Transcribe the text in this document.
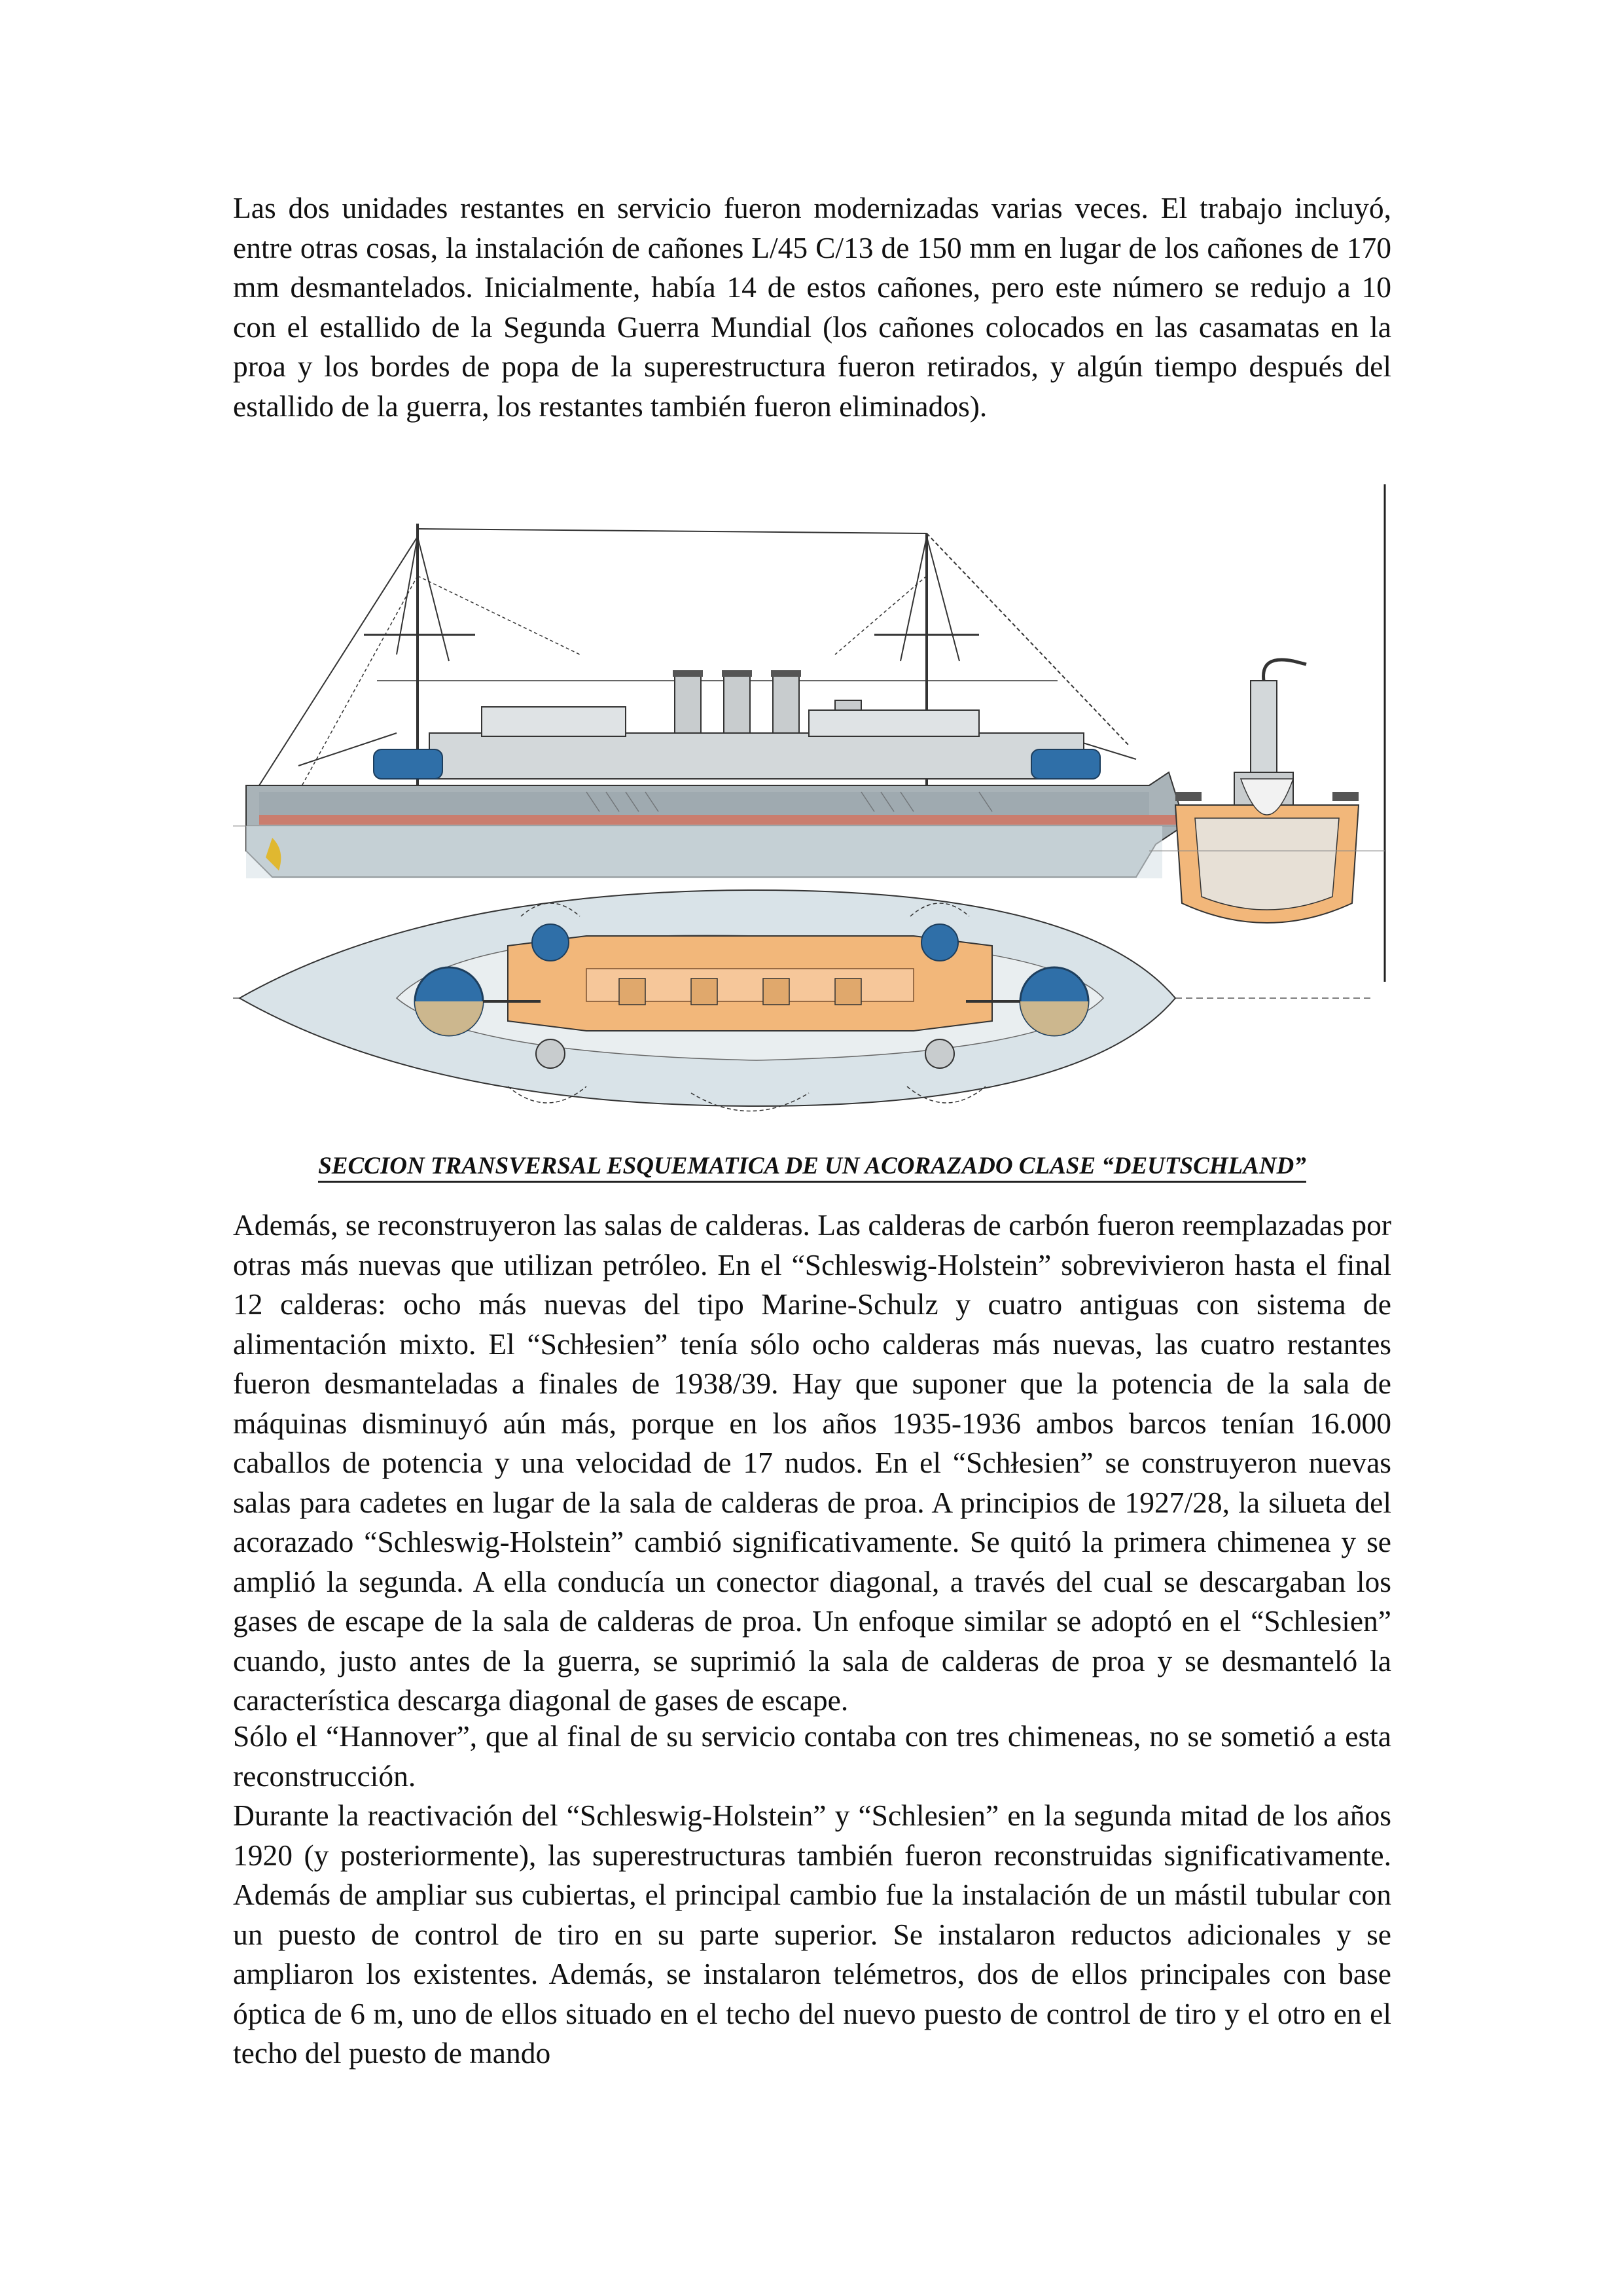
Las dos unidades restantes en servicio fueron modernizadas varias veces. El trabajo incluyó, entre otras cosas, la instalación de cañones L/45 C/13 de 150 mm en lugar de los cañones de 170 mm desmantelados. Inicialmente, había 14 de estos cañones, pero este número se redujo a 10 con el estallido de la Segunda Guerra Mundial (los cañones colocados en las casamatas en la proa y los bordes de popa de la superestructura fueron retirados, y algún tiempo después del estallido de la guerra, los restantes también fueron eliminados).

SECCION TRANSVERSAL ESQUEMATICA DE UN ACORAZADO CLASE “DEUTSCHLAND”

Además, se reconstruyeron las salas de calderas. Las calderas de carbón fueron reemplazadas por otras más nuevas que utilizan petróleo. En el “Schleswig-Holstein” sobrevivieron hasta el final 12 calderas: ocho más nuevas del tipo Marine-Schulz y cuatro antiguas con sistema de alimentación mixto. El “Schłesien” tenía sólo ocho calderas más nuevas, las cuatro restantes fueron desmanteladas a finales de 1938/39. Hay que suponer que la potencia de la sala de máquinas disminuyó aún más, porque en los años 1935-1936 ambos barcos tenían 16.000 caballos de potencia y una velocidad de 17 nudos. En el “Schłesien” se construyeron nuevas salas para cadetes en lugar de la sala de calderas de proa. A principios de 1927/28, la silueta del acorazado “Schleswig-Holstein” cambió significativamente. Se quitó la primera chimenea y se amplió la segunda. A ella conducía un conector diagonal, a través del cual se descargaban los gases de escape de la sala de calderas de proa. Un enfoque similar se adoptó en el “Schlesien” cuando, justo antes de la guerra, se suprimió la sala de calderas de proa y se desmanteló la característica descarga diagonal de gases de escape.

Sólo el “Hannover”, que al final de su servicio contaba con tres chimeneas, no se sometió a esta reconstrucción.

Durante la reactivación del “Schleswig-Holstein” y “Schlesien” en la segunda mitad de los años 1920 (y posteriormente), las superestructuras también fueron reconstruidas significativamente. Además de ampliar sus cubiertas, el principal cambio fue la instalación de un mástil tubular con un puesto de control de tiro en su parte superior. Se instalaron reductos adicionales y se ampliaron los existentes. Además, se instalaron telémetros, dos de ellos principales con base óptica de 6 m, uno de ellos situado en el techo del nuevo puesto de control de tiro y el otro en el techo del puesto de mando
